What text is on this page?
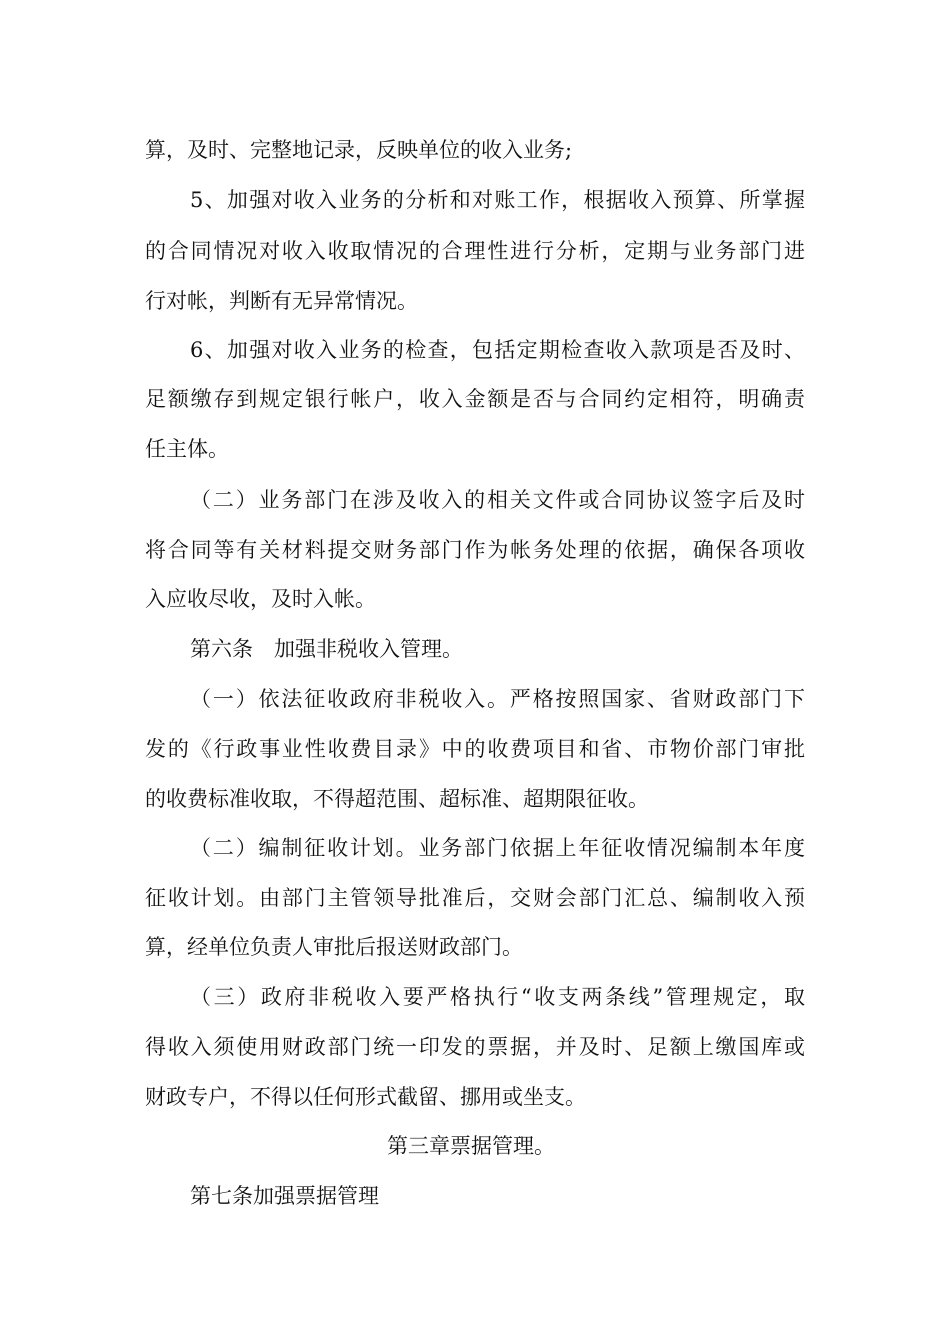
算，及时、完整地记录，反映单位的收入业务;
5、加强对收入业务的分析和对账工作，根据收入预算、所掌握
的合同情况对收入收取情况的合理性进行分析，定期与业务部门进
行对帐，判断有无异常情况。
6、加强对收入业务的检查，包括定期检查收入款项是否及时、
足额缴存到规定银行帐户，收入金额是否与合同约定相符，明确责
任主体。
（二）业务部门在涉及收入的相关文件或合同协议签字后及时
将合同等有关材料提交财务部门作为帐务处理的依据，确保各项收
入应收尽收，及时入帐。
第六条　加强非税收入管理。
（一）依法征收政府非税收入。严格按照国家、省财政部门下
发的《行政事业性收费目录》中的收费项目和省、市物价部门审批
的收费标准收取，不得超范围、超标准、超期限征收。
（二）编制征收计划。业务部门依据上年征收情况编制本年度
征收计划。由部门主管领导批准后，交财会部门汇总、编制收入预
算，经单位负责人审批后报送财政部门。
（三）政府非税收入要严格执行“收支两条线”管理规定，取
得收入须使用财政部门统一印发的票据，并及时、足额上缴国库或
财政专户，不得以任何形式截留、挪用或坐支。
第三章票据管理。
第七条加强票据管理
